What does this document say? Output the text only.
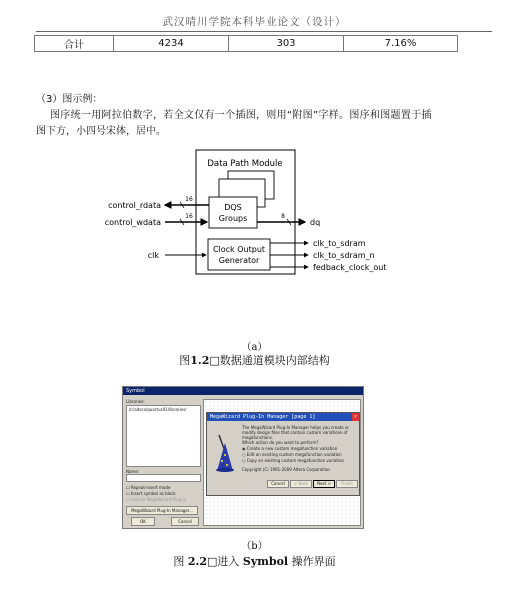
武汉晴川学院本科毕业论文（设计）
合计	4234	303	7.16%
（3）图示例：
图序统一用阿拉伯数字，若全文仅有一个插图，则用“附图”字样。图序和图题置于插
图下方，小四号宋体，居中。
Data Path Module
DQS
Groups
Clock Output
Generator
control_rdata
16
control_wdata
16
dq
8
clk
clk_to_sdram
clk_to_sdram_n
fedback_clock_out
（a）
图1.2□数据通道模块内部结构
Symbol
Libraries:
d:/altera/quartus91/libraries/
Name:
☐ Repeat-insert mode
☐ Insert symbol as block
☐ Launch MegaWizard Plug-In
MegaWizard Plug-In Manager...
OK	Cancel
MegaWizard Plug-In Manager [page 1]	×
The MegaWizard Plug-In Manager helps you create or modify design files that contain custom variations of megafunctions.
Which action do you want to perform?
◉ Create a new custom megafunction variation
○ Edit an existing custom megafunction variation
○ Copy an existing custom megafunction variation
Copyright (C) 1991-2009 Altera Corporation
Cancel	< Back	Next >	Finish
（b）
图 2.2□进入 Symbol 操作界面
